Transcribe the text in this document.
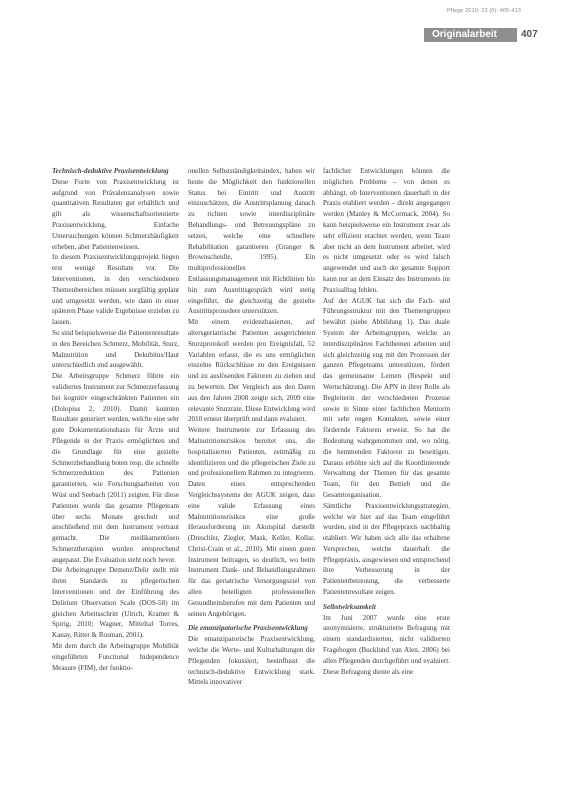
Pflege 2010; 23 (6): 405-413
Originalarbeit	407

Technisch-deduktive Praxisentwicklung

Diese Form von Praxisentwicklung ist aufgrund von Prävalenzanalysen sowie quantitativen Resultaten gut erhältlich und gilt als wissenschaftsorientierte Praxisentwicklung. Einfache Untersuchungen können Schmerzhäufigkeit erheben, aber Patientenwissen.

In diesem Praxisentwicklungsprojekt liegen erst wenige Resultate vor. Die Interventionen, in den verschiedenen Themenbereichen müssen sorgfältig geplant und umgesetzt werden, wie dann in einer späteren Phase valide Ergebnisse erzielen zu lassen.

So sind beispielsweise die Patientenresultate in den Bereichen Schmerz, Mobilität, Sturz, Malnutrition und Dekubitus/Haut unterschiedlich und ausgewählt.

Die Arbeitsgruppe Schmerz führte ein validiertes Instrument zur Schmerzerfassung bei kognitiv eingeschränkten Patienten ein (Dolopius 2, 2010). Damit konnten Resultate generiert werden, welche eine sehr gute Dokumentationsbasis für Ärzte und Pflegende in der Praxis ermöglichten und die Grundlage für eine gezielte Schmerzbehandlung boten resp. die schnelle Schmerzreduktion des Patienten garantierten, wie Forschungsarbeiten von Wüst und Seebach (2011) zeigten. Für diese Patienten wurde das gesamte Pflegeteam über sechs Monate geschult und anschließend mit dem Instrument vertraut gemacht. Die medikamentösen Schmerztherapien wurden entsprechend angepasst. Die Evaluation steht noch bevor.

Die Arbeitsgruppe Demenz/Delir stellt mit ihren Standards zu pflegerischen Interventionen und der Einführung des Delirium Observation Scale (DOS-58) im gleichen Arbeitsschritt (Ulrich, Kramer & Spirig, 2010; Wagner, Mitteltal Torres, Kanay, Ritter & Rosman, 2001).

Mit dem durch die Arbeitsgruppe Mobilität eingeführten Functional Independence Measure (FIM), der funktio-

onellen Selbstständigkeitsindex, haben wir heute die Möglichkeit den funktionellen Status bei Eintritt und Austritt einzuschätzen, die Austrittsplanung danach zu richten sowie interdisziplinäre Behandlungs- und Betreuungspläne zu setzen, welche eine schnellere Rehabilitation garantieren (Granger & Brownscheidle, 1995). Ein multiprofessionelles Entlassungsmanagement mit Richtlinien bis hin zum Austrittsgespräch wird stetig eingeführt, die gleichzeitig die gezielte Austrittsprozedere unterstützen.

Mit einem evidenzbasierten, auf altersgeriatrische Patienten ausgerichteten Sturzprotokoll werden pro Ereignisfall, 52 Variablen erfasst, die es uns ermöglichen einzelne Rückschlüsse zu den Ereignissen und zu auslösenden Faktoren zu ziehen und zu bewerten. Der Vergleich aus den Daten aus den Jahren 2008 zeigte sich, 2009 eine relevante Sturzrate. Diese Entwicklung wird 2010 erneut überprüft und dann evaluiert.

Weitere Instrumente zur Erfassung des Malnutritionsrisikos bereitet uns, die hospitalisierten Patienten, zeitmäßig zu identifizieren und die pflegerischen Ziele zu und professionellem Rahmen zu integrieren. Daten eines entsprechenden Vergleichssystems der AGUK zeigen, dass eine valide Erfassung eines Malnutritionsrisikos eine große Herausforderung im Akutspital darstellt (Dreschler, Ziegler, Mask, Keller, Kollar, Christ-Crain et al., 2010). Mit einem guten Instrument beitragen, so deutlich, wo beim Instrument Dank- und Behandlungsrahmen für das geriatrische Versorgungsziel von allen beteiligten professionellen Gesundheitsberufen mit dem Patienten und seinen Angehörigen.

Die emanzipatorische Praxisentwicklung

Die emanzipatorische Praxisentwicklung, welche die Werte- und Kulturhaltungen der Pflegenden fokussiert, beeinflusst die technisch-deduktive Entwicklung stark. Mittels innovativer

fachlicher Entwicklungen können die möglichen Probleme – von denen es abhängt, ob Interventionen dauerhaft in der Praxis etabliert werden – direkt angegangen werden (Manley & McCormack, 2004). So kann beispielsweise ein Instrument zwar als sehr effizient erachtet werden, wenn Team aber nicht an dem Instrument arbeitet, wird es nicht umgesetzt oder es wird falsch angewendet und auch der gesamte Support kann nur an dem Einsatz des Instruments im Praxisalltag fehlen.

Auf der AGUK hat sich die Fach- und Führungsstruktur mit den Themengruppen bewährt (siehe Abbildung 1). Das duale System der Arbeitsgruppen, welche an interdisziplinären Fachthemen arbeiten und sich gleichzeitig eng mit den Prozessen der ganzen Pflegeteams unterstützen, fördert das gemeinsame Lernen (Respekt und Wertschätzung). Die APN in ihrer Rolle als Begleiterin der verschiedenen Prozesse sowie in Sinne einer fachlichen Mentorin mit sehr engen Kontakten, sowie einer fördernde Faktoren erweist. So hat die Bedeutung wahrgenommen und, wo nötig, die hemmenden Faktoren zu beseitigen. Daraus erhöhte sich auf die Koordinierende Verwaltung der Themen für das gesamte Team, für den Betrieb und die Gesamtorganisation.

Sämtliche Praxisentwicklungsstrategien, welche wir hier auf das Team eingeführt wurden, sind in der Pflegepraxis nachhaltig etabliert. Wir haben sich alle das erhaltene Versprechen, welche dauerhaft die Pflegepraxis, ausgewiesen und entsprechend ihre Verbesserung in der Patientenbetreuung, die verbesserte Patientenresultate zeigen.

Selbstwirksamkeit

Im Juni 2007 wurde eine erste anonymisierte, strukturierte Befragung mit einem standardisierten, nicht validierten Fragebogen (Bucklund van Alen, 2006) bei allen Pflegenden durchgeführt und evaluiert. Diese Befragung diente als eine
